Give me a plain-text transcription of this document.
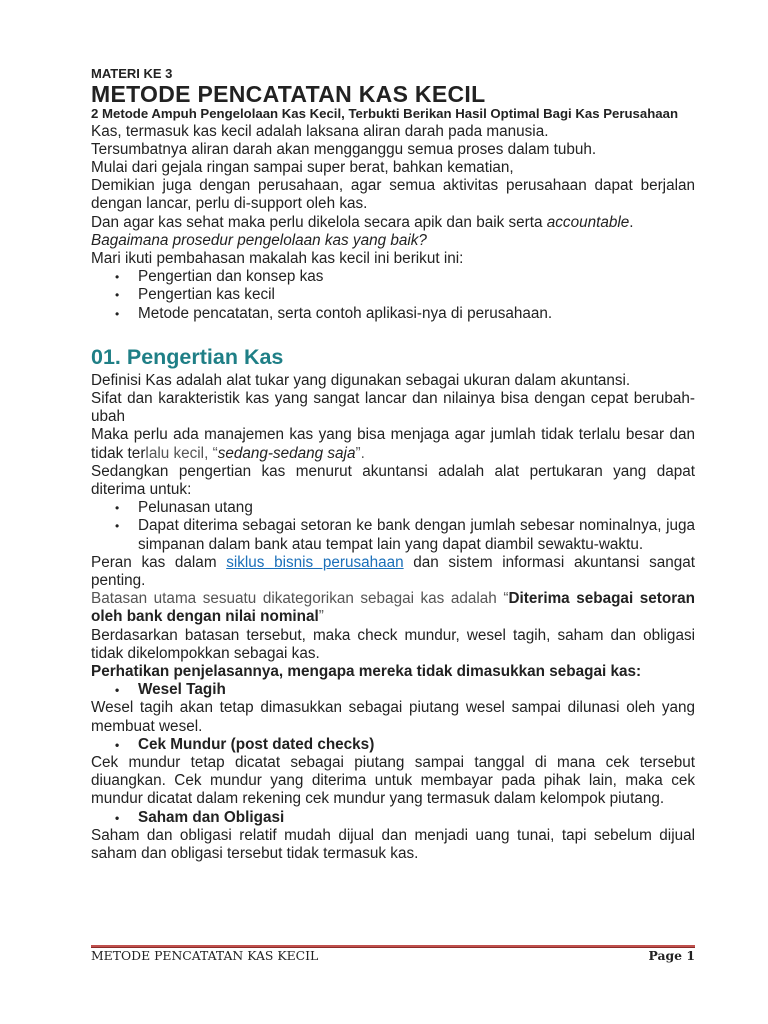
MATERI KE 3
METODE PENCATATAN KAS KECIL
2 Metode Ampuh Pengelolaan Kas Kecil, Terbukti Berikan Hasil Optimal Bagi Kas Perusahaan

Kas, termasuk kas kecil adalah laksana aliran darah pada manusia.

Tersumbatnya aliran darah akan mengganggu semua proses dalam tubuh.

Mulai dari gejala ringan sampai super berat, bahkan kematian,

Demikian juga dengan perusahaan, agar semua aktivitas perusahaan dapat berjalan dengan lancar, perlu di-support oleh kas.

Dan agar kas sehat maka perlu dikelola secara apik dan baik serta accountable.

Bagaimana prosedur pengelolaan kas yang baik?

Mari ikuti pembahasan makalah kas kecil ini berikut ini:

• Pengertian dan konsep kas
• Pengertian kas kecil
• Metode pencatatan, serta contoh aplikasi-nya di perusahaan.
01. Pengertian Kas

Definisi Kas adalah alat tukar yang digunakan sebagai ukuran dalam akuntansi.

Sifat dan karakteristik kas yang sangat lancar dan nilainya bisa dengan cepat berubah-ubah

Maka perlu ada manajemen kas yang bisa menjaga agar jumlah tidak terlalu besar dan tidak terlalu kecil, “sedang-sedang saja”.

Sedangkan pengertian kas menurut akuntansi adalah alat pertukaran yang dapat diterima untuk:

• Pelunasan utang
• Dapat diterima sebagai setoran ke bank dengan jumlah sebesar nominalnya, juga simpanan dalam bank atau tempat lain yang dapat diambil sewaktu-waktu.

Peran kas dalam siklus bisnis perusahaan dan sistem informasi akuntansi sangat penting.

Batasan utama sesuatu dikategorikan sebagai kas adalah “Diterima sebagai setoran oleh bank dengan nilai nominal”

Berdasarkan batasan tersebut, maka check mundur, wesel tagih, saham dan obligasi tidak dikelompokkan sebagai kas.

Perhatikan penjelasannya, mengapa mereka tidak dimasukkan sebagai kas:

• Wesel Tagih

Wesel tagih akan tetap dimasukkan sebagai piutang wesel sampai dilunasi oleh yang membuat wesel.

• Cek Mundur (post dated checks)

Cek mundur tetap dicatat sebagai piutang sampai tanggal di mana cek tersebut diuangkan. Cek mundur yang diterima untuk membayar pada pihak lain, maka cek mundur dicatat dalam rekening cek mundur yang termasuk dalam kelompok piutang.

• Saham dan Obligasi

Saham dan obligasi relatif mudah dijual dan menjadi uang tunai, tapi sebelum dijual saham dan obligasi tersebut tidak termasuk kas.

METODE PENCATATAN KAS KECIL	Page 1
